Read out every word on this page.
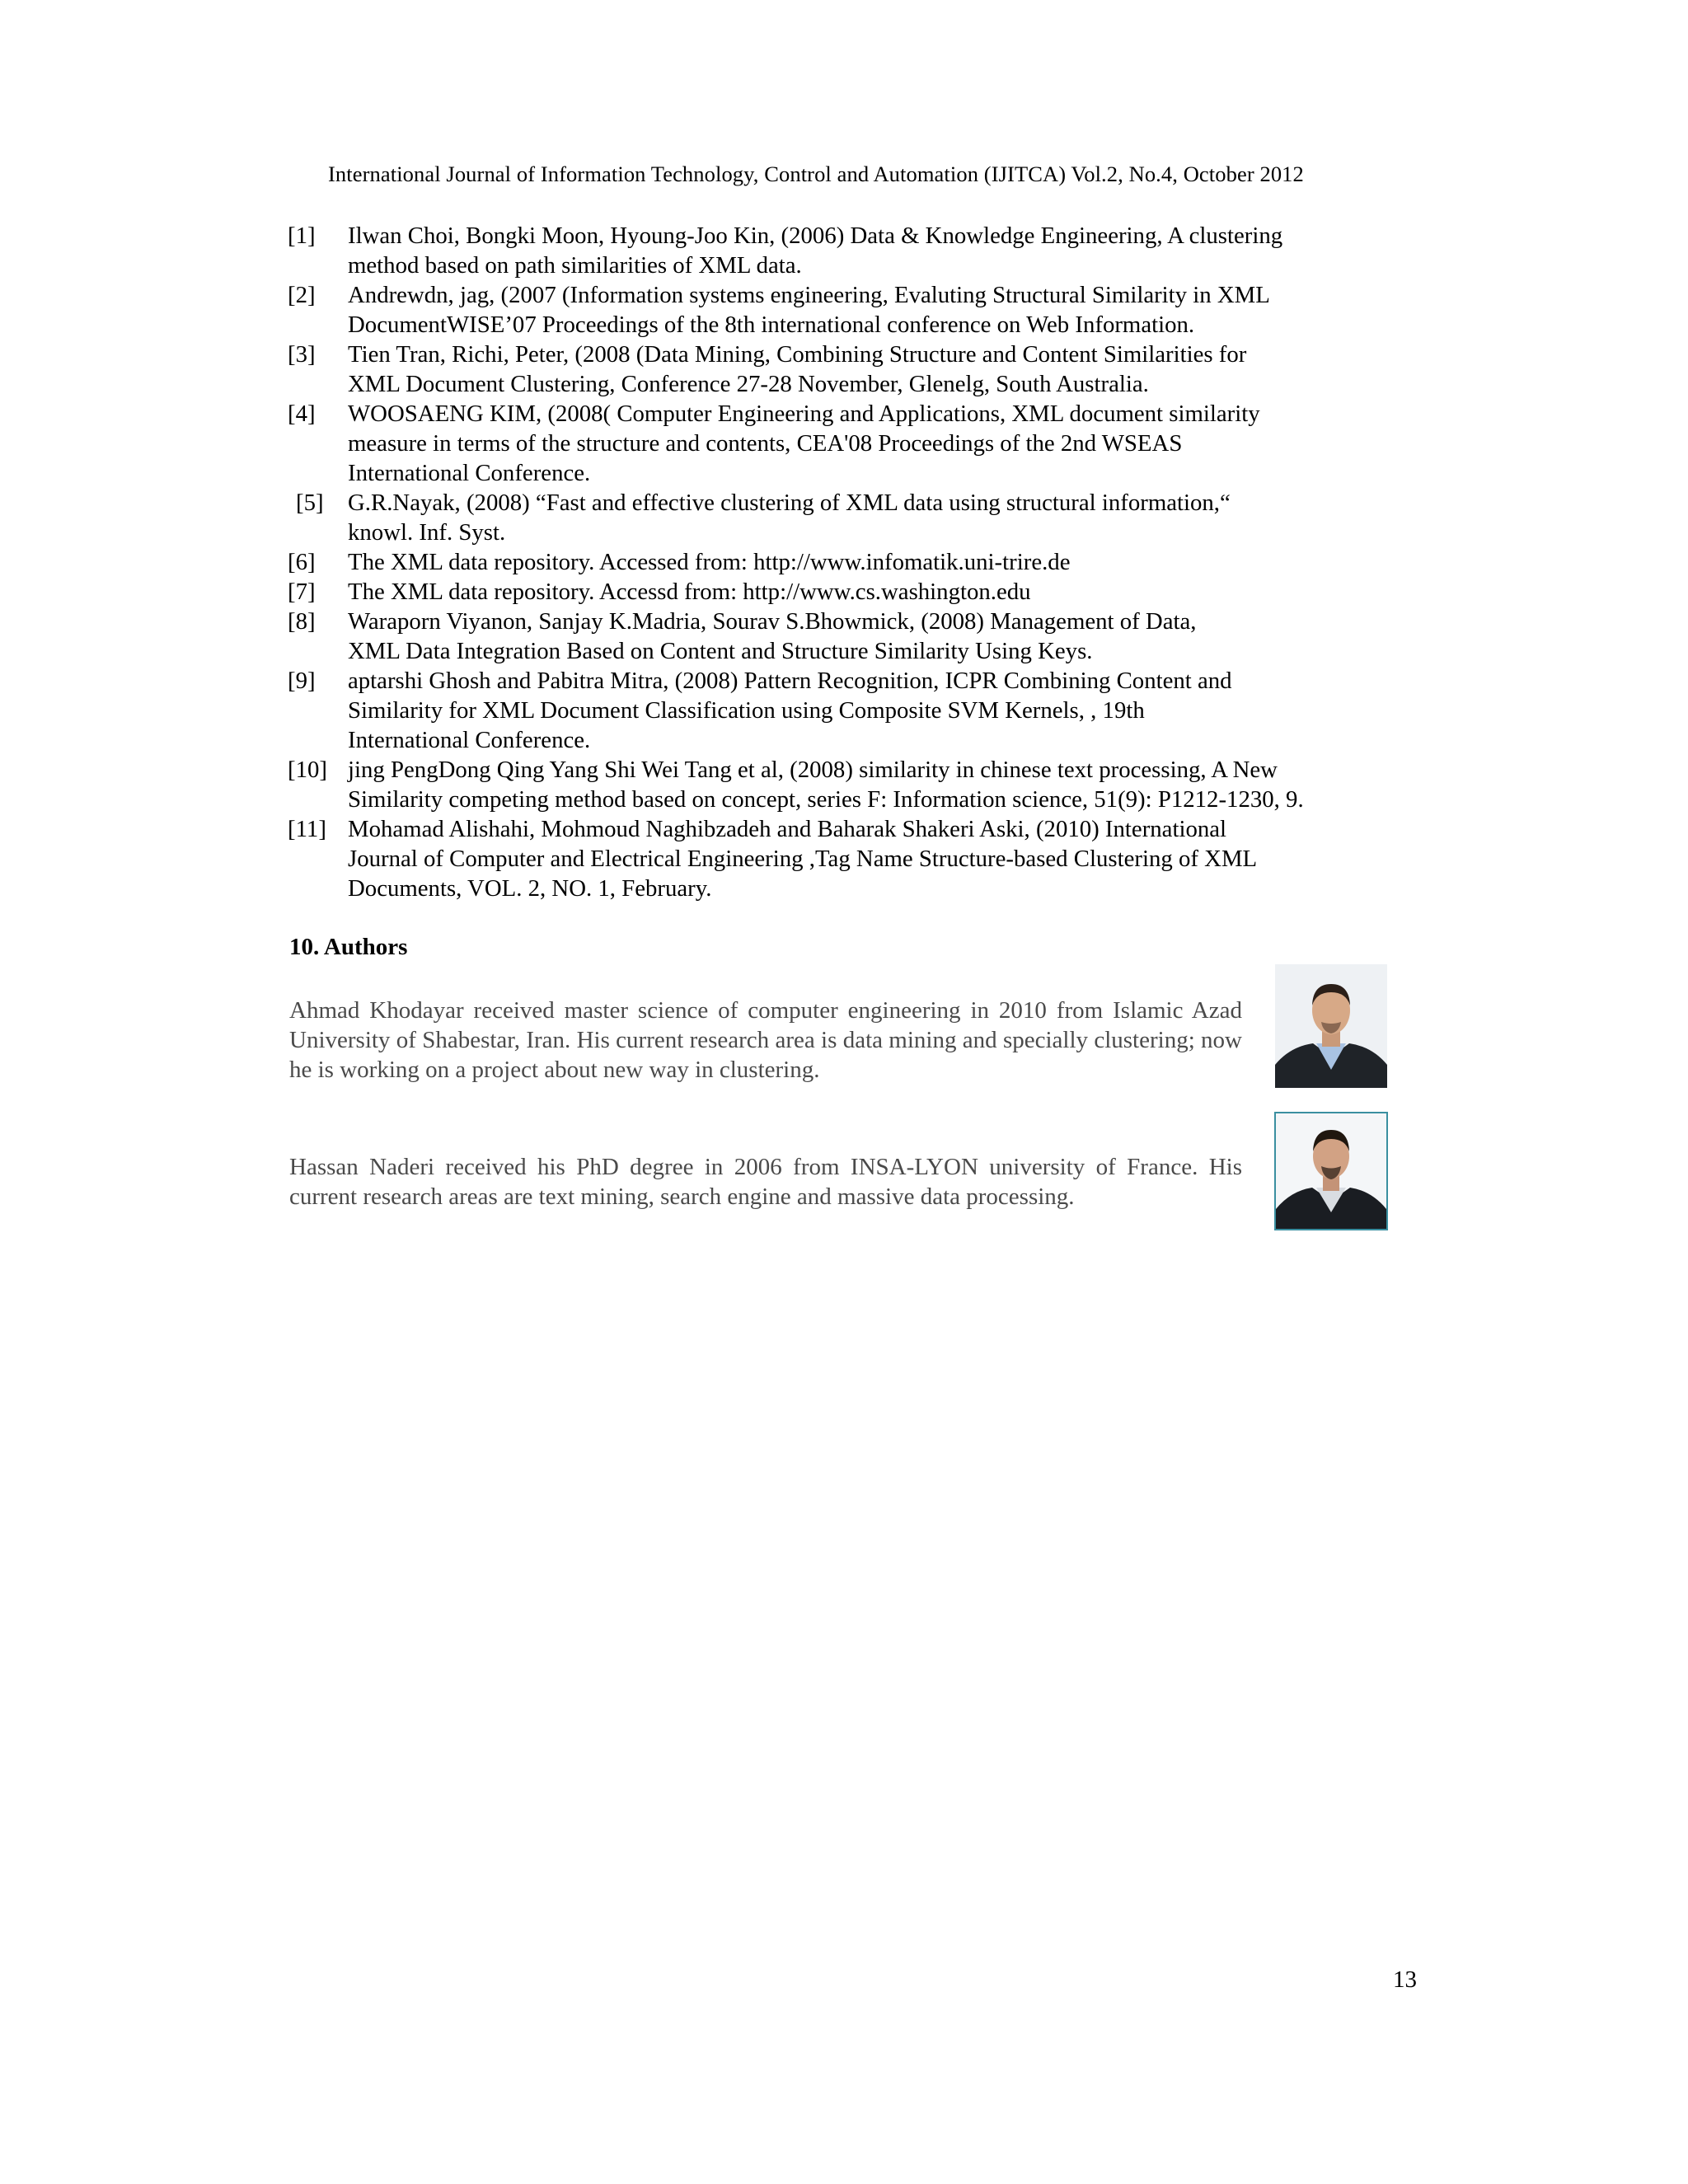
International Journal of Information Technology, Control and Automation (IJITCA) Vol.2, No.4, October 2012
[1] Ilwan Choi, Bongki Moon, Hyoung-Joo Kin, (2006) Data & Knowledge Engineering, A clustering
method based on path similarities of XML data.
[2] Andrewdn, jag, (2007 (Information systems engineering, Evaluting Structural Similarity in XML
DocumentWISE’07 Proceedings of the 8th international conference on Web Information.
[3] Tien Tran, Richi, Peter, (2008 (Data Mining, Combining Structure and Content Similarities for
XML Document Clustering, Conference 27-28 November, Glenelg, South Australia.
[4] WOOSAENG KIM, (2008( Computer Engineering and Applications, XML document similarity
measure in terms of the structure and contents, CEA'08 Proceedings of the 2nd WSEAS
International Conference.
[5] G.R.Nayak, (2008) “Fast and effective clustering of XML data using structural information,“
knowl. Inf. Syst.
[6] The XML data repository. Accessed from: http://www.infomatik.uni-trire.de
[7] The XML data repository. Accessd from: http://www.cs.washington.edu
[8] Waraporn Viyanon, Sanjay K.Madria, Sourav S.Bhowmick, (2008) Management of Data,
XML Data Integration Based on Content and Structure Similarity Using Keys.
[9] aptarshi Ghosh and Pabitra Mitra, (2008) Pattern Recognition, ICPR Combining Content and
Similarity for XML Document Classification using Composite SVM Kernels, , 19th
International Conference.
[10] jing PengDong Qing Yang Shi Wei Tang et al, (2008) similarity in chinese text processing, A New
Similarity competing method based on concept, series F: Information science, 51(9): P1212-1230, 9.
[11] Mohamad Alishahi, Mohmoud Naghibzadeh and Baharak Shakeri Aski, (2010) International
Journal of Computer and Electrical Engineering ,Tag Name Structure-based Clustering of XML
Documents, VOL. 2, NO. 1, February.
10. Authors
Ahmad Khodayar received master science of computer engineering in 2010 from Islamic Azad University of Shabestar, Iran. His current research area is data mining and specially clustering; now he is working on a project about new way in clustering.
Hassan Naderi received his PhD degree in 2006 from INSA-LYON university of France. His current research areas are text mining, search engine and massive data processing.
13
